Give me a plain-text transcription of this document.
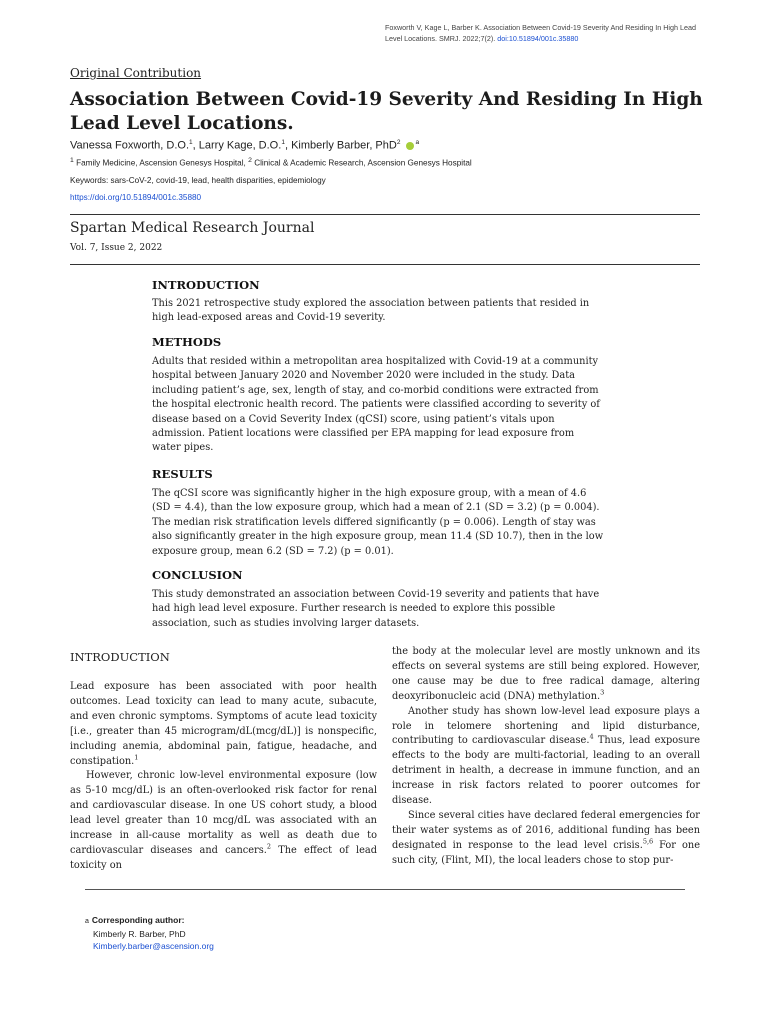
Foxworth V, Kage L, Barber K. Association Between Covid-19 Severity And Residing In High Lead Level Locations. SMRJ. 2022;7(2). doi:10.51894/001c.35880
Original Contribution
Association Between Covid-19 Severity And Residing In High Lead Level Locations.
Vanessa Foxworth, D.O.$^1$, Larry Kage, D.O.$^1$, Kimberly Barber, PhD$^2$ $^a$
$^1$ Family Medicine, Ascension Genesys Hospital, $^2$ Clinical & Academic Research, Ascension Genesys Hospital
Keywords: sars-CoV-2, covid-19, lead, health disparities, epidemiology
https://doi.org/10.51894/001c.35880
Spartan Medical Research Journal
Vol. 7, Issue 2, 2022
INTRODUCTION
This 2021 retrospective study explored the association between patients that resided in
high lead-exposed areas and Covid-19 severity.
METHODS
Adults that resided within a metropolitan area hospitalized with Covid-19 at a community
hospital between January 2020 and November 2020 were included in the study. Data
including patient’s age, sex, length of stay, and co-morbid conditions were extracted from
the hospital electronic health record. The patients were classified according to severity of
disease based on a Covid Severity Index (qCSI) score, using patient’s vitals upon
admission. Patient locations were classified per EPA mapping for lead exposure from
water pipes.
RESULTS
The qCSI score was significantly higher in the high exposure group, with a mean of 4.6
(SD = 4.4), than the low exposure group, which had a mean of 2.1 (SD = 3.2) (p = 0.004).
The median risk stratification levels differed significantly (p = 0.006). Length of stay was
also significantly greater in the high exposure group, mean 11.4 (SD 10.7), then in the low
exposure group, mean 6.2 (SD = 7.2) (p = 0.01).
CONCLUSION
This study demonstrated an association between Covid-19 severity and patients that have
had high lead level exposure. Further research is needed to explore this possible
association, such as studies involving larger datasets.
INTRODUCTION

Lead exposure has been associated with poor health outcomes. Lead toxicity can lead to many acute, subacute, and even chronic symptoms. Symptoms of acute lead toxicity [i.e., greater than 45 microgram/dL(mcg/dL)] is nonspecific, including anemia, abdominal pain, fatigue, headache, and constipation.$^1$

However, chronic low-level environmental exposure (low as 5-10 mcg/dL) is an often-overlooked risk factor for renal and cardiovascular disease. In one US cohort study, a blood lead level greater than 10 mcg/dL was associated with an increase in all-cause mortality as well as death due to cardiovascular diseases and cancers.$^2$ The effect of lead toxicity on

the body at the molecular level are mostly unknown and its effects on several systems are still being explored. However, one cause may be due to free radical damage, altering deoxyribonucleic acid (DNA) methylation.$^3$

Another study has shown low-level lead exposure plays a role in telomere shortening and lipid disturbance, contributing to cardiovascular disease.$^4$ Thus, lead exposure effects to the body are multi-factorial, leading to an overall detriment in health, a decrease in immune function, and an increase in risk factors related to poorer outcomes for disease.

Since several cities have declared federal emergencies for their water systems as of 2016, additional funding has been designated in response to the lead level crisis.$^{5,6}$ For one such city, (Flint, MI), the local leaders chose to stop pur-

a Corresponding author:
Kimberly R. Barber, PhD
Kimberly.barber@ascension.org
